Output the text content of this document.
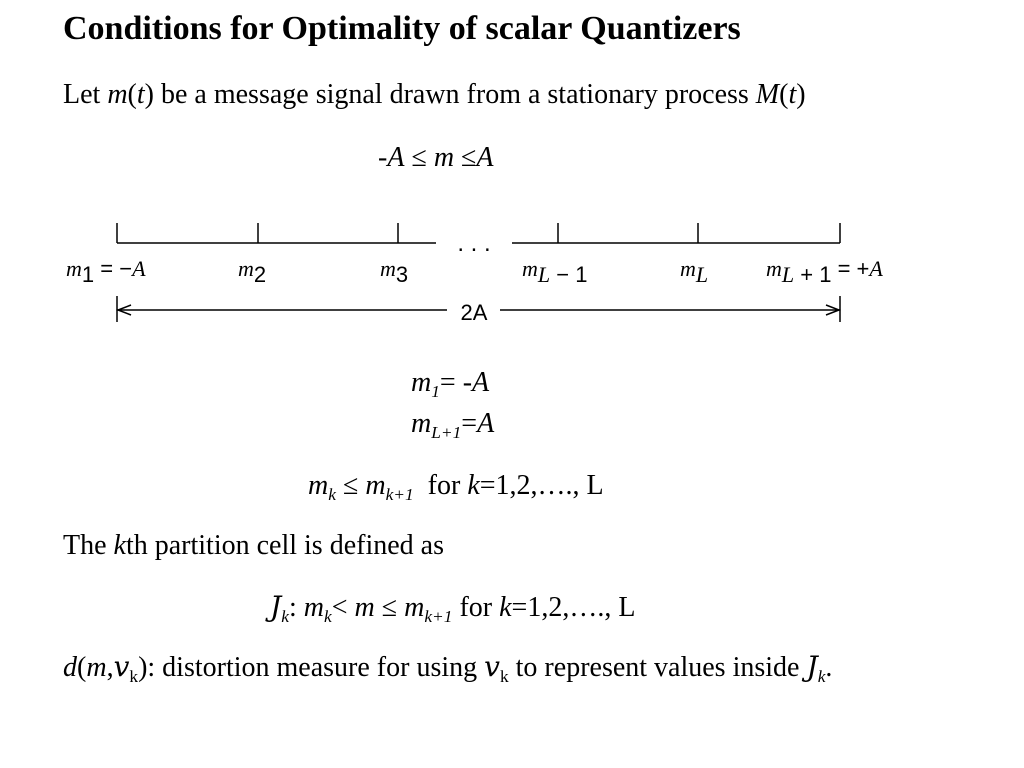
Conditions for Optimality of scalar Quantizers
Let m(t) be a message signal drawn from a stationary process M(t)
-A ≤ m ≤A
. . .
2A
m1 = −A	m2	m3	mL − 1	mL	mL + 1 = +A
$m_1= -A$
$m_{L+1}=A$
$m_k \le m_{k+1}$  for k=1,2,…., L
The kth partition cell is defined as
$J_k$: $m_k< m \le m_{k+1}$ for k=1,2,…., L
$d(m,v_k)$: distortion measure for using $v_k$ to represent values inside $J_k$.
